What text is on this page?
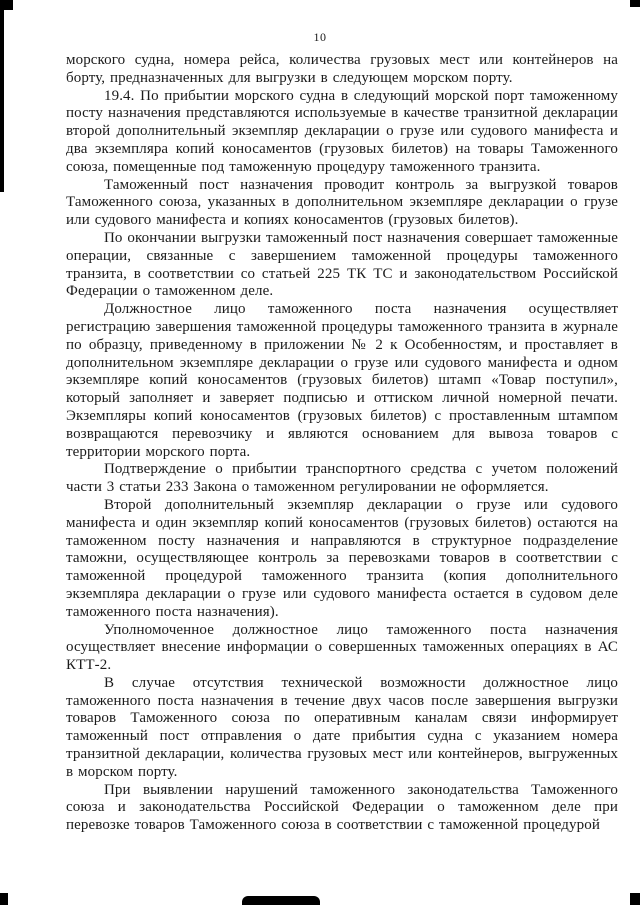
10

морского судна, номера рейса, количества грузовых мест или контейнеров на борту, предназначенных для выгрузки в следующем морском порту.

19.4. По прибытии морского судна в следующий морской порт таможенному посту назначения представляются используемые в качестве транзитной декларации второй дополнительный экземпляр декларации о грузе или судового манифеста и два экземпляра копий коносаментов (грузовых билетов) на товары Таможенного союза, помещенные под таможенную процедуру таможенного транзита.

Таможенный пост назначения проводит контроль за выгрузкой товаров Таможенного союза, указанных в дополнительном экземпляре декларации о грузе или судового манифеста и копиях коносаментов (грузовых билетов).

По окончании выгрузки таможенный пост назначения совершает таможенные операции, связанные с завершением таможенной процедуры таможенного транзита, в соответствии со статьей 225 ТК ТС и законодательством Российской Федерации о таможенном деле.

Должностное лицо таможенного поста назначения осуществляет регистрацию завершения таможенной процедуры таможенного транзита в журнале по образцу, приведенному в приложении № 2 к Особенностям, и проставляет в дополнительном экземпляре декларации о грузе или судового манифеста и одном экземпляре копий коносаментов (грузовых билетов) штамп «Товар поступил», который заполняет и заверяет подписью и оттиском личной номерной печати. Экземпляры копий коносаментов (грузовых билетов) с проставленным штампом возвращаются перевозчику и являются основанием для вывоза товаров с территории морского порта.

Подтверждение о прибытии транспортного средства с учетом положений части 3 статьи 233 Закона о таможенном регулировании не оформляется.

Второй дополнительный экземпляр декларации о грузе или судового манифеста и один экземпляр копий коносаментов (грузовых билетов) остаются на таможенном посту назначения и направляются в структурное подразделение таможни, осуществляющее контроль за перевозками товаров в соответствии с таможенной процедурой таможенного транзита (копия дополнительного экземпляра декларации о грузе или судового манифеста остается в судовом деле таможенного поста назначения).

Уполномоченное должностное лицо таможенного поста назначения осуществляет внесение информации о совершенных таможенных операциях в АС КТТ-2.

В случае отсутствия технической возможности должностное лицо таможенного поста назначения в течение двух часов после завершения выгрузки товаров Таможенного союза по оперативным каналам связи информирует таможенный пост отправления о дате прибытия судна с указанием номера транзитной декларации, количества грузовых мест или контейнеров, выгруженных в морском порту.

При выявлении нарушений таможенного законодательства Таможенного союза и законодательства Российской Федерации о таможенном деле при перевозке товаров Таможенного союза в соответствии с таможенной процедурой
